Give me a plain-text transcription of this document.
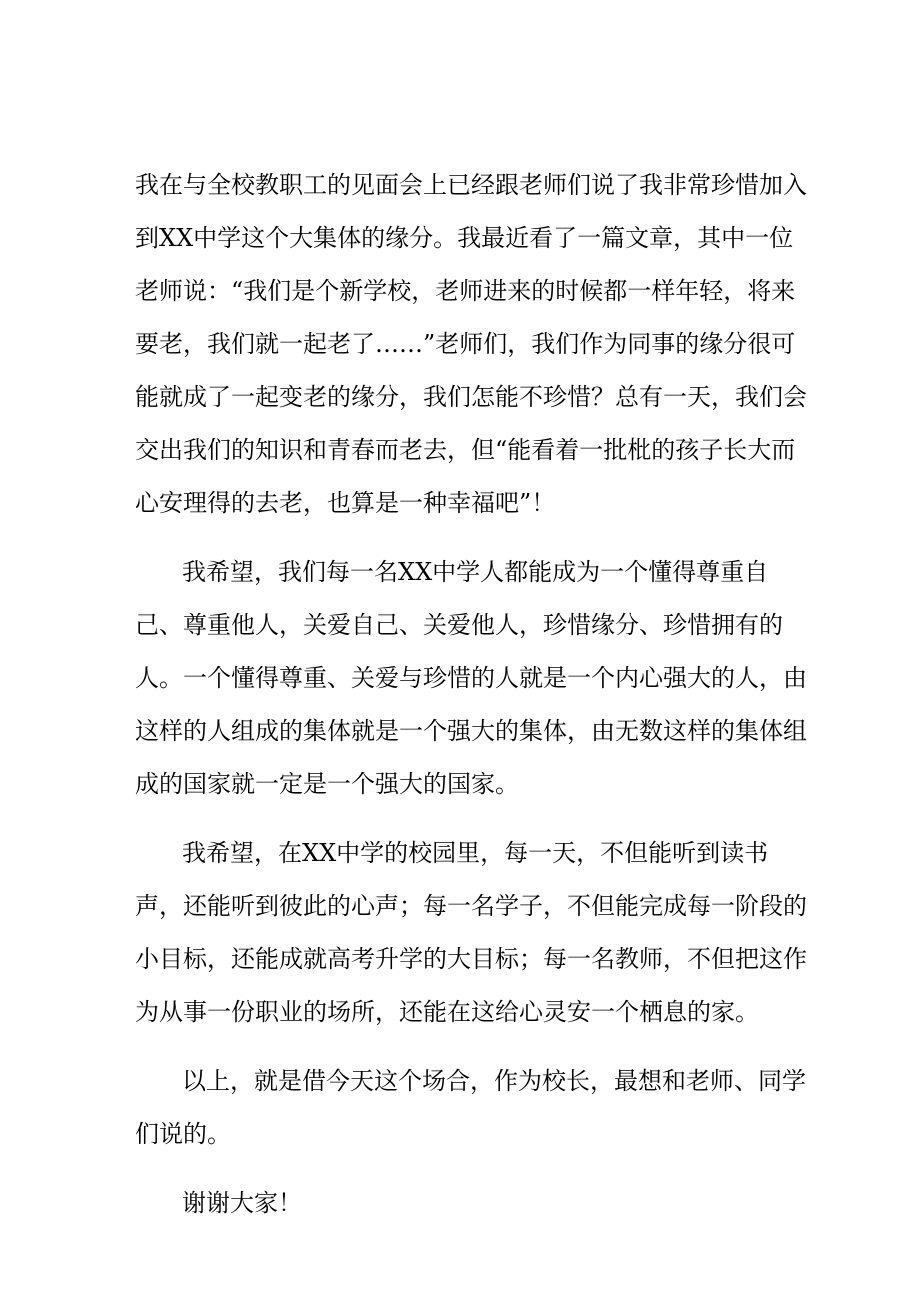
我在与全校教职工的见面会上已经跟老师们说了我非常珍惜加入
到XX中学这个大集体的缘分。我最近看了一篇文章，其中一位
老师说：“我们是个新学校，老师进来的时候都一样年轻，将来
要老，我们就一起老了……”老师们，我们作为同事的缘分很可
能就成了一起变老的缘分，我们怎能不珍惜？总有一天，我们会
交出我们的知识和青春而老去，但“能看着一批枇的孩子长大而
心安理得的去老，也算是一种幸福吧”！
我希望，我们每一名XX中学人都能成为一个懂得尊重自
己、尊重他人，关爱自己、关爱他人，珍惜缘分、珍惜拥有的
人。一个懂得尊重、关爱与珍惜的人就是一个内心强大的人，由
这样的人组成的集体就是一个强大的集体，由无数这样的集体组
成的国家就一定是一个强大的国家。
我希望，在XX中学的校园里，每一天，不但能听到读书
声，还能听到彼此的心声；每一名学子，不但能完成每一阶段的
小目标，还能成就高考升学的大目标；每一名教师，不但把这作
为从事一份职业的场所，还能在这给心灵安一个栖息的家。
以上，就是借今天这个场合，作为校长，最想和老师、同学
们说的。
谢谢大家！
